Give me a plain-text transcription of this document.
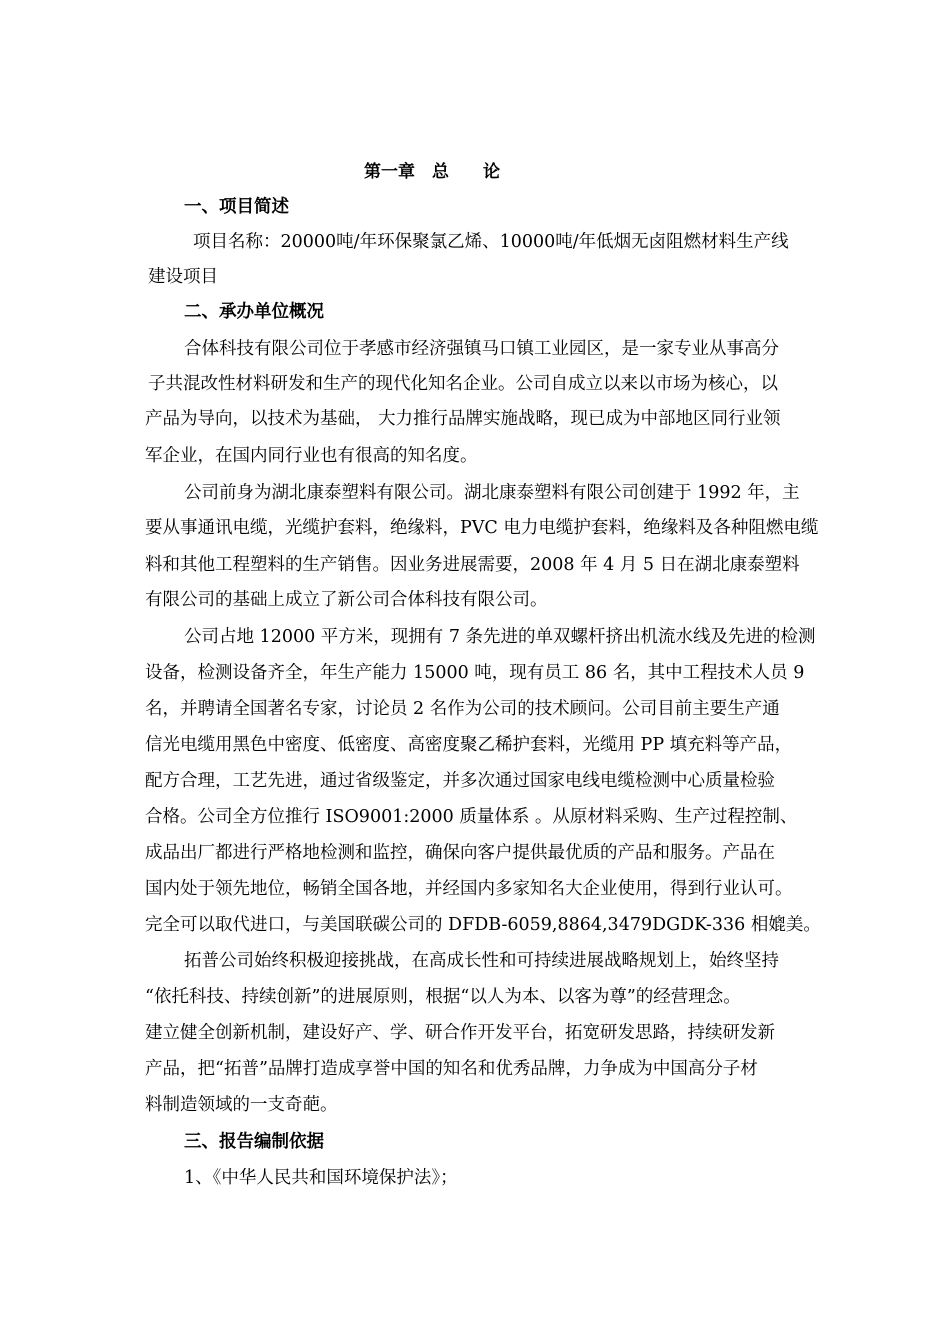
第一章　总　　论
一、项目简述
项目名称：20000吨/年环保聚氯乙烯、10000吨/年低烟无卤阻燃材料生产线
建设项目
二、承办单位概况
合体科技有限公司位于孝感市经济强镇马口镇工业园区，是一家专业从事高分
子共混改性材料研发和生产的现代化知名企业。公司自成立以来以市场为核心，以
产品为导向，以技术为基础， 大力推行品牌实施战略，现已成为中部地区同行业领
军企业，在国内同行业也有很高的知名度。
公司前身为湖北康泰塑料有限公司。湖北康泰塑料有限公司创建于 1992 年，主
要从事通讯电缆，光缆护套料，绝缘料，PVC 电力电缆护套料，绝缘料及各种阻燃电缆
料和其他工程塑料的生产销售。因业务进展需要，2008 年 4 月 5 日在湖北康泰塑料
有限公司的基础上成立了新公司合体科技有限公司。
公司占地 12000 平方米，现拥有 7 条先进的单双螺杆挤出机流水线及先进的检测
设备，检测设备齐全，年生产能力 15000 吨，现有员工 86 名，其中工程技术人员 9
名，并聘请全国著名专家，讨论员 2 名作为公司的技术顾问。公司目前主要生产通
信光电缆用黑色中密度、低密度、高密度聚乙稀护套料，光缆用 PP 填充料等产品，
配方合理，工艺先进，通过省级鉴定，并多次通过国家电线电缆检测中心质量检验
合格。公司全方位推行 ISO9001:2000 质量体系 。从原材料采购、生产过程控制、
成品出厂都进行严格地检测和监控，确保向客户提供最优质的产品和服务。产品在
国内处于领先地位，畅销全国各地，并经国内多家知名大企业使用，得到行业认可。
完全可以取代进口，与美国联碳公司的 DFDB-6059,8864,3479DGDK-336 相媲美。
拓普公司始终积极迎接挑战，在高成长性和可持续进展战略规划上，始终坚持
“依托科技、持续创新”的进展原则，根据“以人为本、以客为尊”的经营理念。
建立健全创新机制，建设好产、学、研合作开发平台，拓宽研发思路，持续研发新
产品，把“拓普”品牌打造成享誉中国的知名和优秀品牌，力争成为中国高分子材
料制造领域的一支奇葩。
三、报告编制依据
1、《中华人民共和国环境保护法》；
